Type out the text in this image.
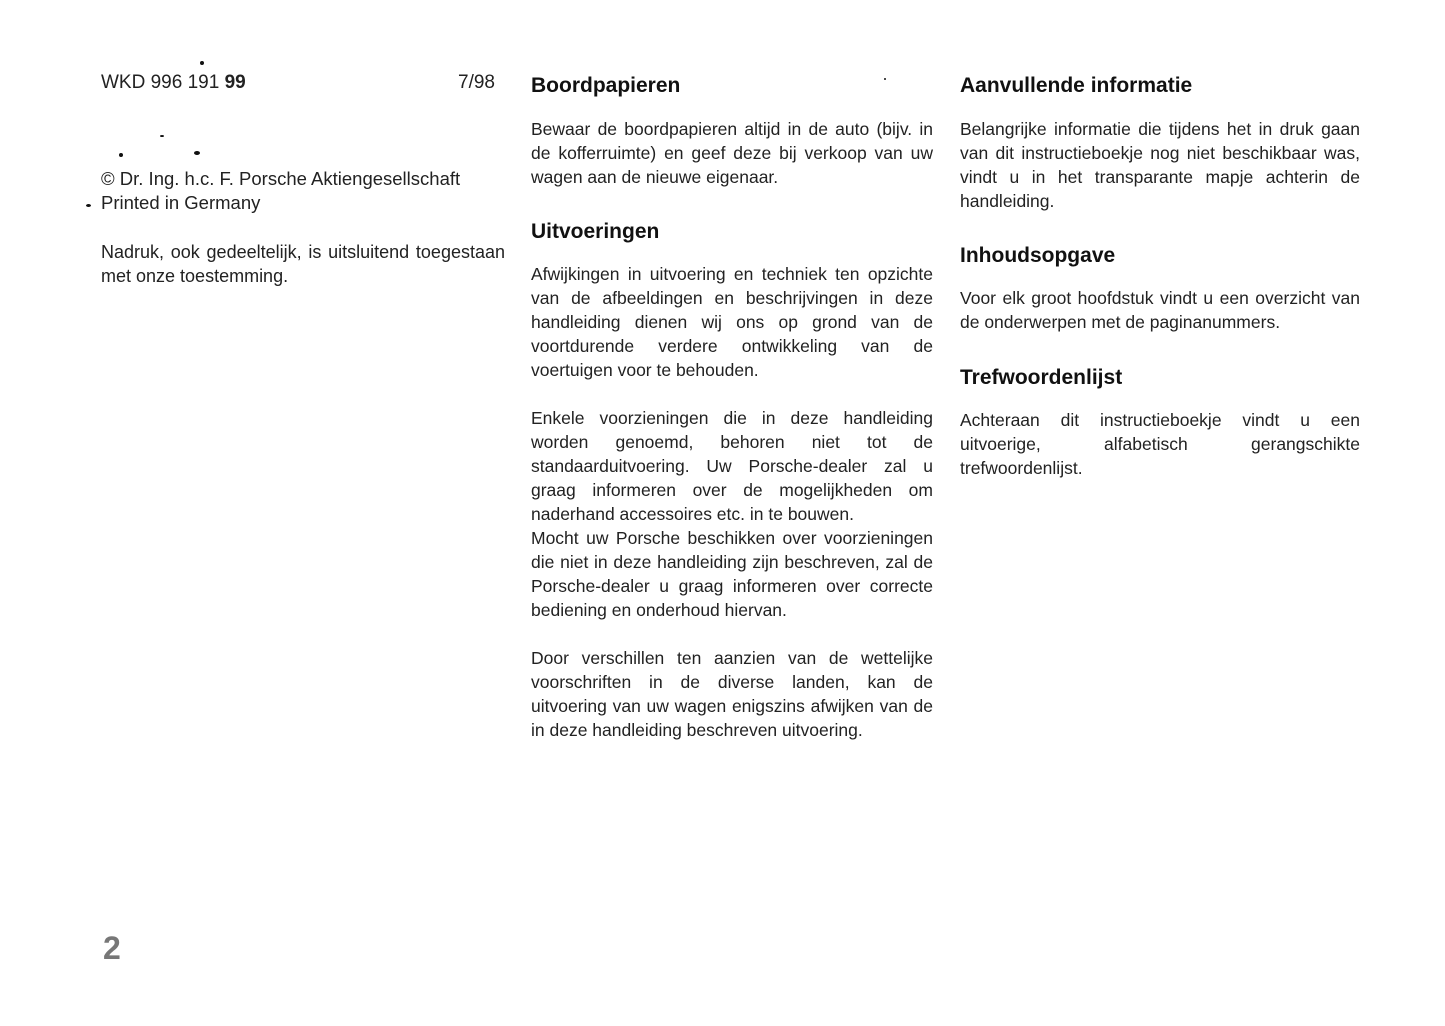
WKD 996 191 99	7/98
© Dr. Ing. h.c. F. Porsche Aktiengesellschaft
Printed in Germany
Nadruk, ook gedeeltelijk, is uitsluitend toegestaan met onze toestemming.
Boordpapieren

Bewaar de boordpapieren altijd in de auto (bijv. in de kofferruimte) en geef deze bij verkoop van uw wagen aan de nieuwe eigenaar.

Uitvoeringen

Afwijkingen in uitvoering en techniek ten opzichte van de afbeeldingen en beschrijvingen in deze handleiding dienen wij ons op grond van de voortdurende verdere ontwikkeling van de voertuigen voor te behouden.

Enkele voorzieningen die in deze handleiding worden genoemd, behoren niet tot de standaarduitvoering. Uw Porsche-dealer zal u graag informeren over de mogelijkheden om naderhand accessoires etc. in te bouwen.

Mocht uw Porsche beschikken over voorzieningen die niet in deze handleiding zijn beschreven, zal de Porsche-dealer u graag informeren over correcte bediening en onderhoud hiervan.

Door verschillen ten aanzien van de wettelijke voorschriften in de diverse landen, kan de uitvoering van uw wagen enigszins afwijken van de in deze handleiding beschreven uitvoering.

Aanvullende informatie

Belangrijke informatie die tijdens het in druk gaan van dit instructieboekje nog niet beschikbaar was, vindt u in het transparante mapje achterin de handleiding.

Inhoudsopgave

Voor elk groot hoofdstuk vindt u een overzicht van de onderwerpen met de paginanummers.

Trefwoordenlijst

Achteraan dit instructieboekje vindt u een uitvoerige, alfabetisch gerangschikte trefwoordenlijst.

2
